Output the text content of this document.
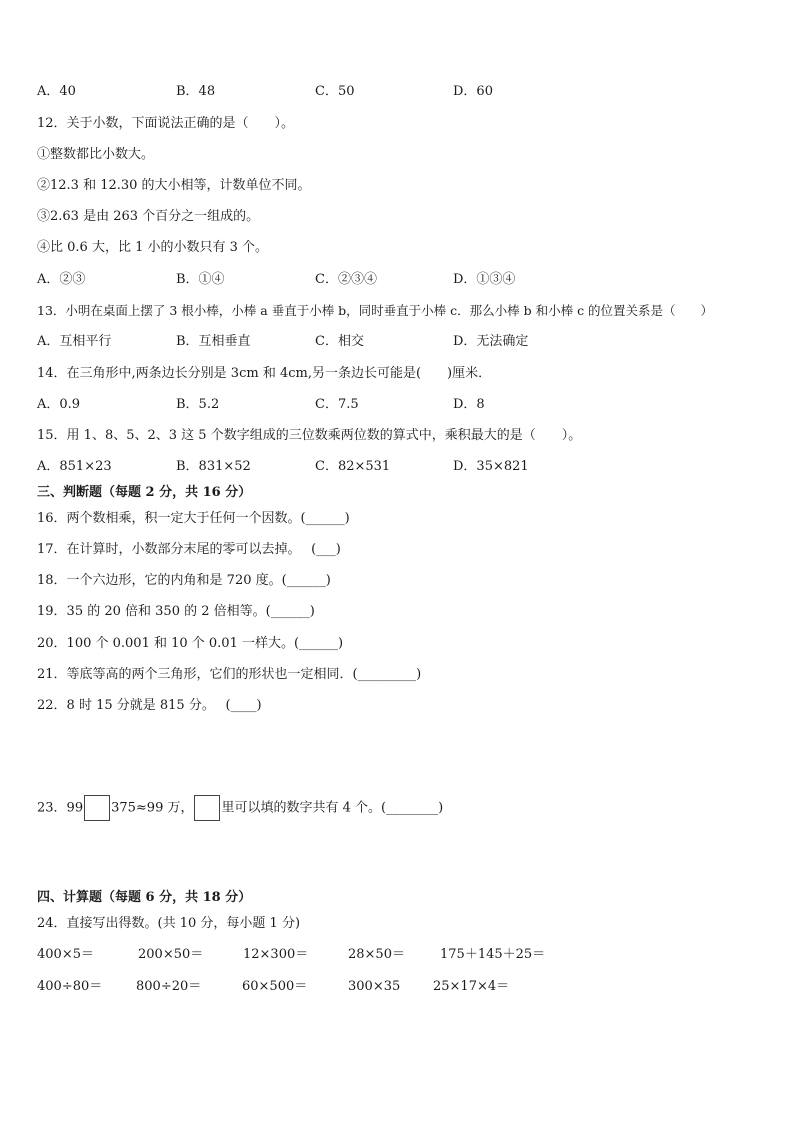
A．40	B．48	C．50	D．60
12．关于小数，下面说法正确的是（　　）。
①整数都比小数大。
②12.3 和 12.30 的大小相等，计数单位不同。
③2.63 是由 263 个百分之一组成的。
④比 0.6 大，比 1 小的小数只有 3 个。
A．②③	B．①④	C．②③④	D．①③④
13．小明在桌面上摆了 3 根小棒，小棒 a 垂直于小棒 b，同时垂直于小棒 c．那么小棒 b 和小棒 c 的位置关系是（　　）
A．互相平行	B．互相垂直	C．相交	D．无法确定
14．在三角形中,两条边长分别是 3cm 和 4cm,另一条边长可能是(　　)厘米．
A．0.9	B．5.2	C．7.5	D．8
15．用 1、8、5、2、3 这 5 个数字组成的三位数乘两位数的算式中，乘积最大的是（　　）。
A．851×23	B．831×52	C．82×531	D．35×821
三、判断题（每题 2 分，共 16 分）
16．两个数相乘，积一定大于任何一个因数。(______)
17．在计算时，小数部分末尾的零可以去掉。　 (___)
18．一个六边形，它的内角和是 720 度。(______)
19．35 的 20 倍和 350 的 2 倍相等。(______)
20．100 个 0.001 和 10 个 0.01 一样大。(______)
21．等底等高的两个三角形，它们的形状也一定相同．(_________)
22．8 时 15 分就是 815 分。　 (____)
23．99 375≈99 万， 里可以填的数字共有 4 个。(________)
四、计算题（每题 6 分，共 18 分）
24．直接写出得数。(共 10 分，每小题 1 分)
400×5＝	200×50＝	12×300＝	28×50＝	175＋145＋25＝
400÷80＝	800÷20＝	60×500＝	300×35	25×17×4＝
